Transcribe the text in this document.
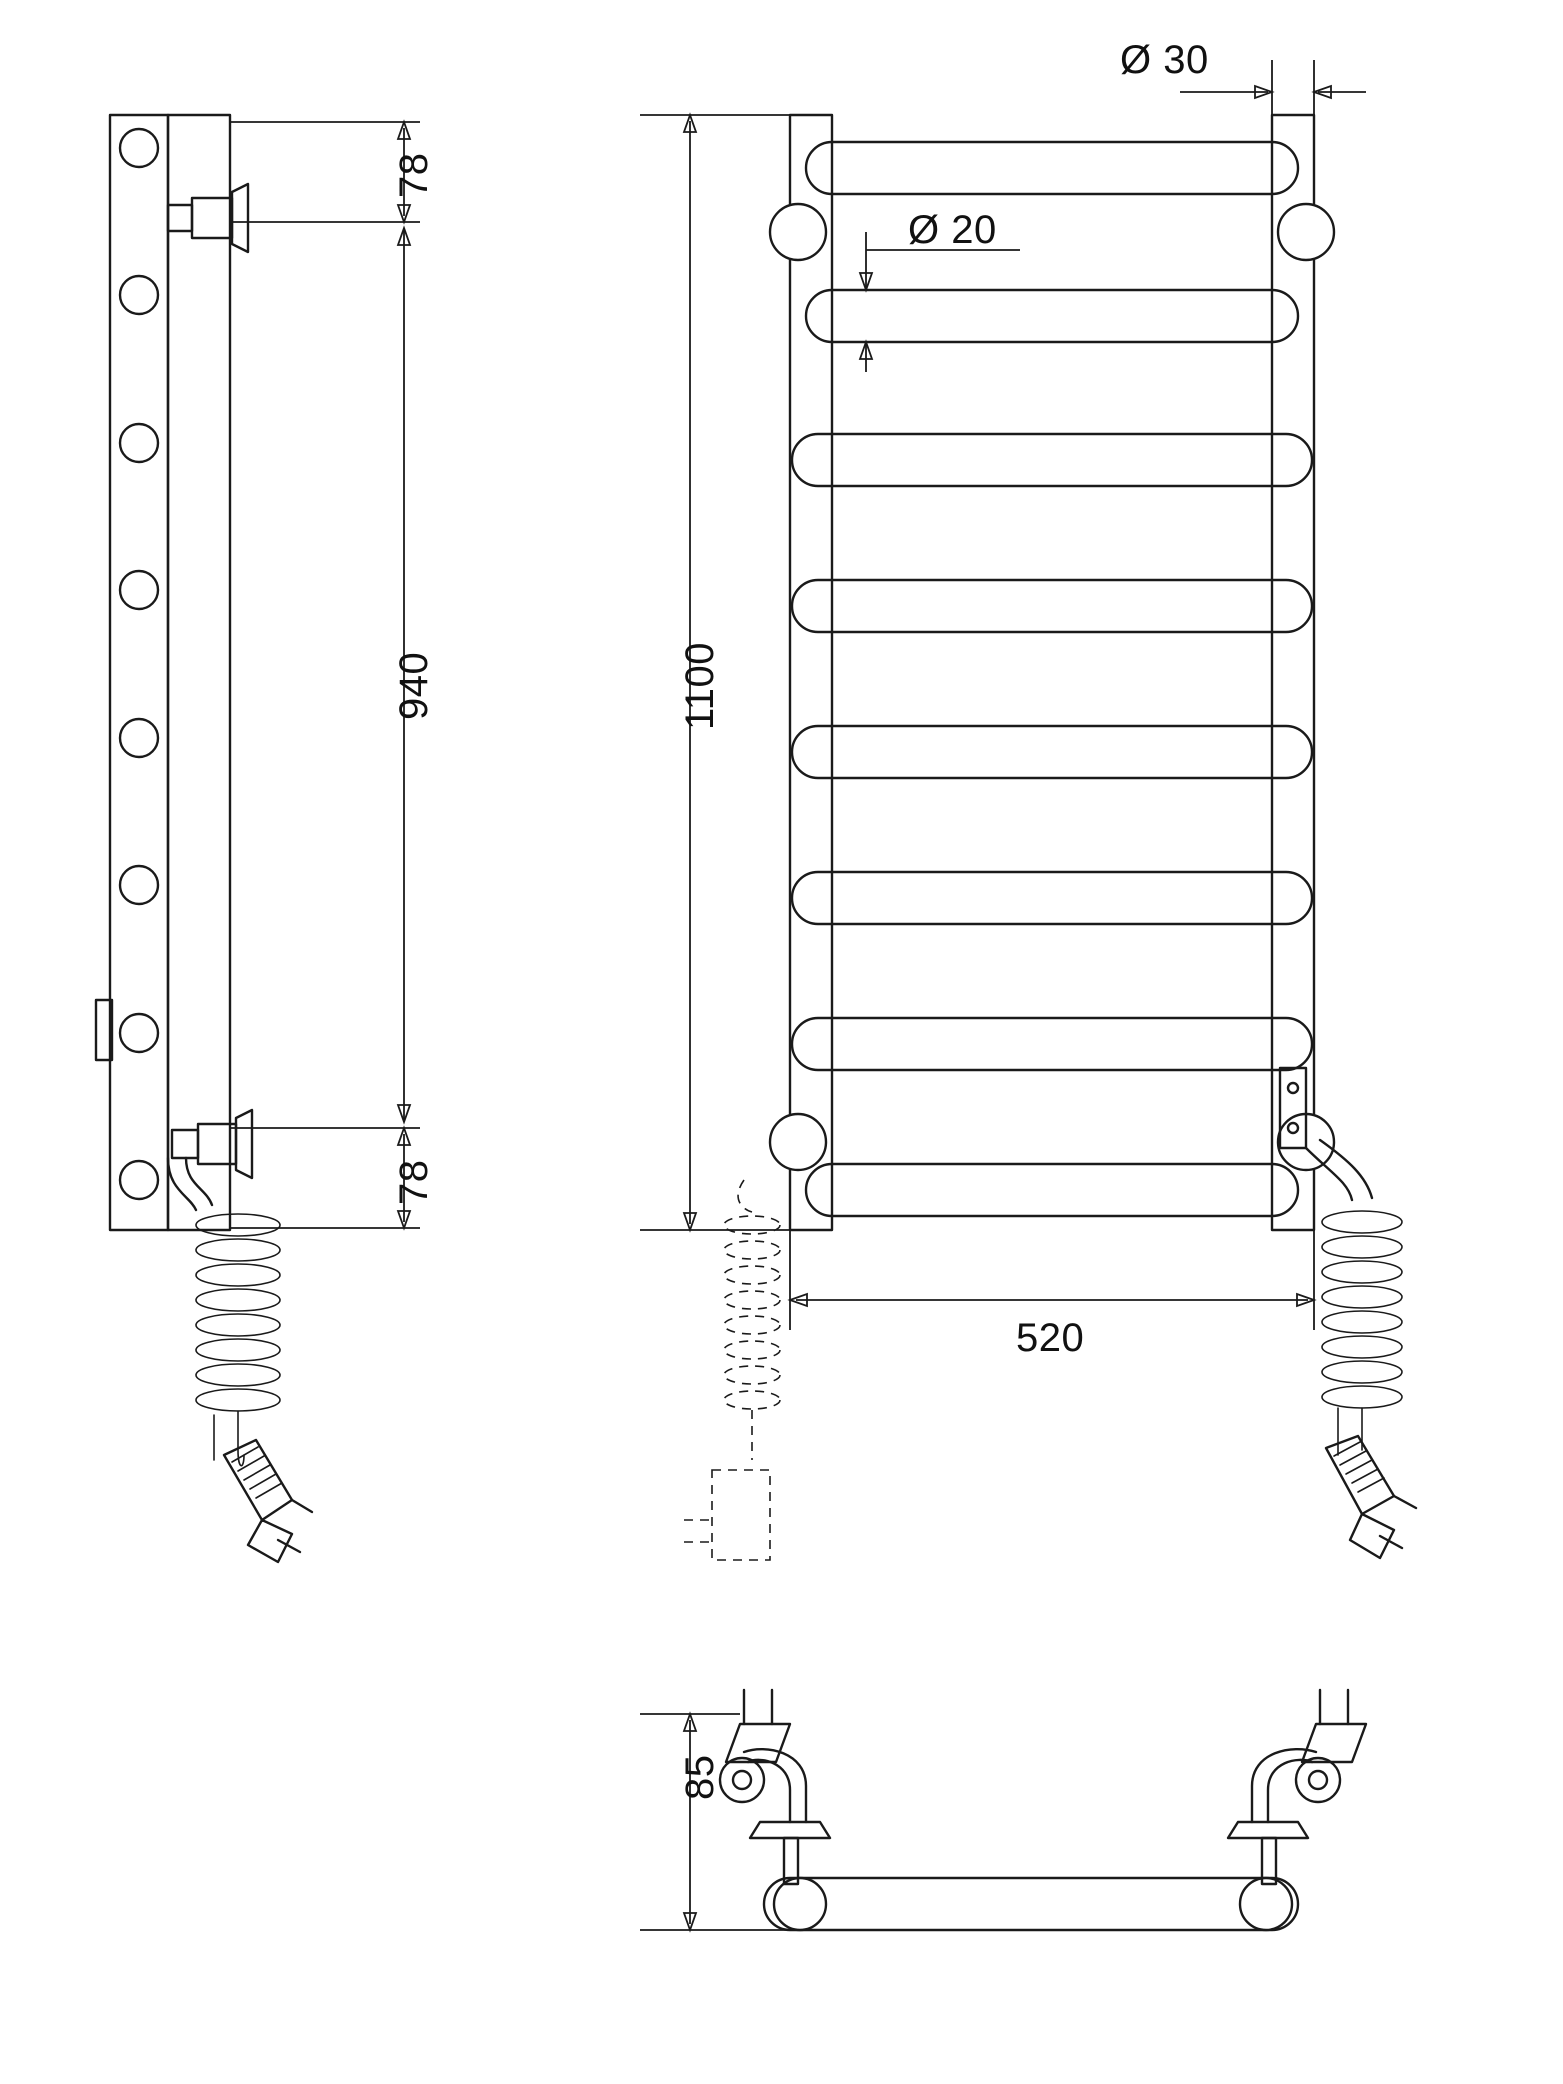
78
940
78
1100
520
Ø 30
Ø 20
85
